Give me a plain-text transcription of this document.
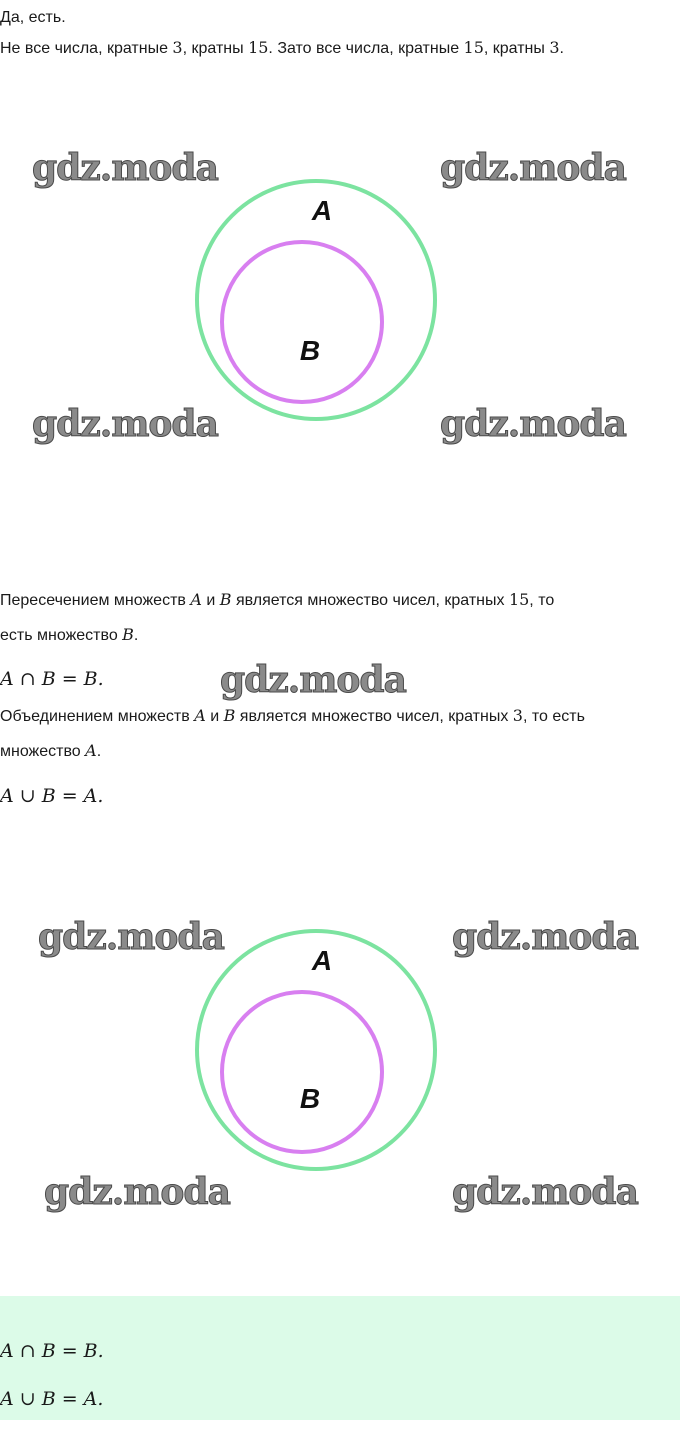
Да, есть.
Не все числа, кратные 3, кратны 15. Зато все числа, кратные 15, кратны 3.
A
B
gdz.moda	gdz.moda
gdz.moda	gdz.moda
Пересечением множеств A и B является множество чисел, кратных 15, то
есть множество B.
A ∩ B = B.	gdz.moda
Объединением множеств A и B является множество чисел, кратных 3, то есть
множество A.
A ∪ B = A.
A
B
gdz.moda	gdz.moda
gdz.moda	gdz.moda
A ∩ B = B.
A ∪ B = A.
